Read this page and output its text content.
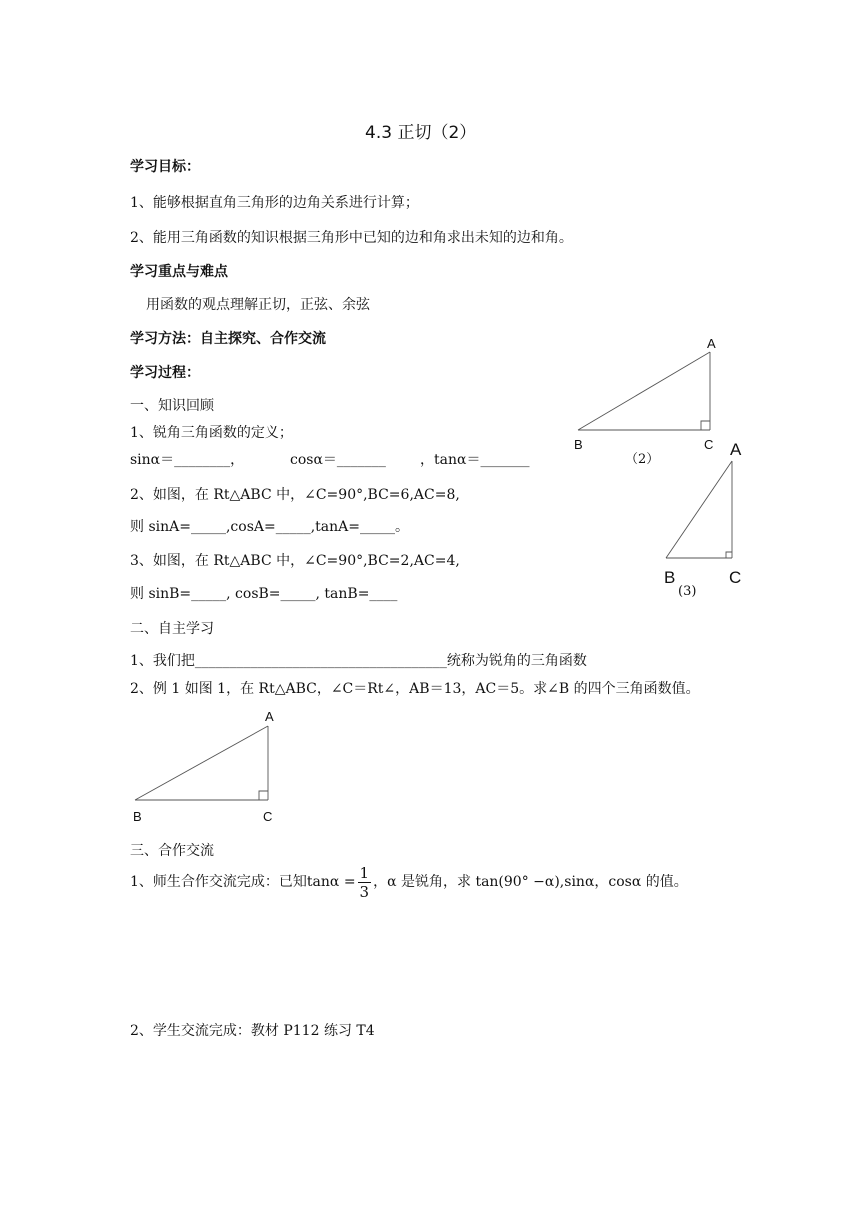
4.3 正切（2）
学习目标：
1、能够根据直角三角形的边角关系进行计算；
2、能用三角函数的知识根据三角形中已知的边和角求出未知的边和角。
学习重点与难点
用函数的观点理解正切，正弦、余弦
学习方法：自主探究、合作交流
学习过程：
一、知识回顾
1、锐角三角函数的定义；
sinα＝________，	cosα＝_______ ，tanα＝_______
2、如图，在 Rt△ABC 中，∠C=90°,BC=6,AC=8,
则 sinA=_____,cosA=_____,tanA=_____。
3、如图，在 Rt△ABC 中，∠C=90°,BC=2,AC=4,
则 sinB=_____, cosB=_____, tanB=____
二、自主学习
1、我们把____________________________________统称为锐角的三角函数
2、例 1 如图 1，在 Rt△ABC，∠C＝Rt∠，AB＝13，AC＝5。求∠B 的四个三角函数值。
三、合作交流
1、师生合作交流完成：已知$\tan\alpha = \frac{1}{3}$ ，α 是锐角，求 tan(90° −α),sinα，cosα 的值。
2、学生交流完成：教材 P112 练习 T4
A
B	C
（2）
A
B	C
(3)
A
B	C
